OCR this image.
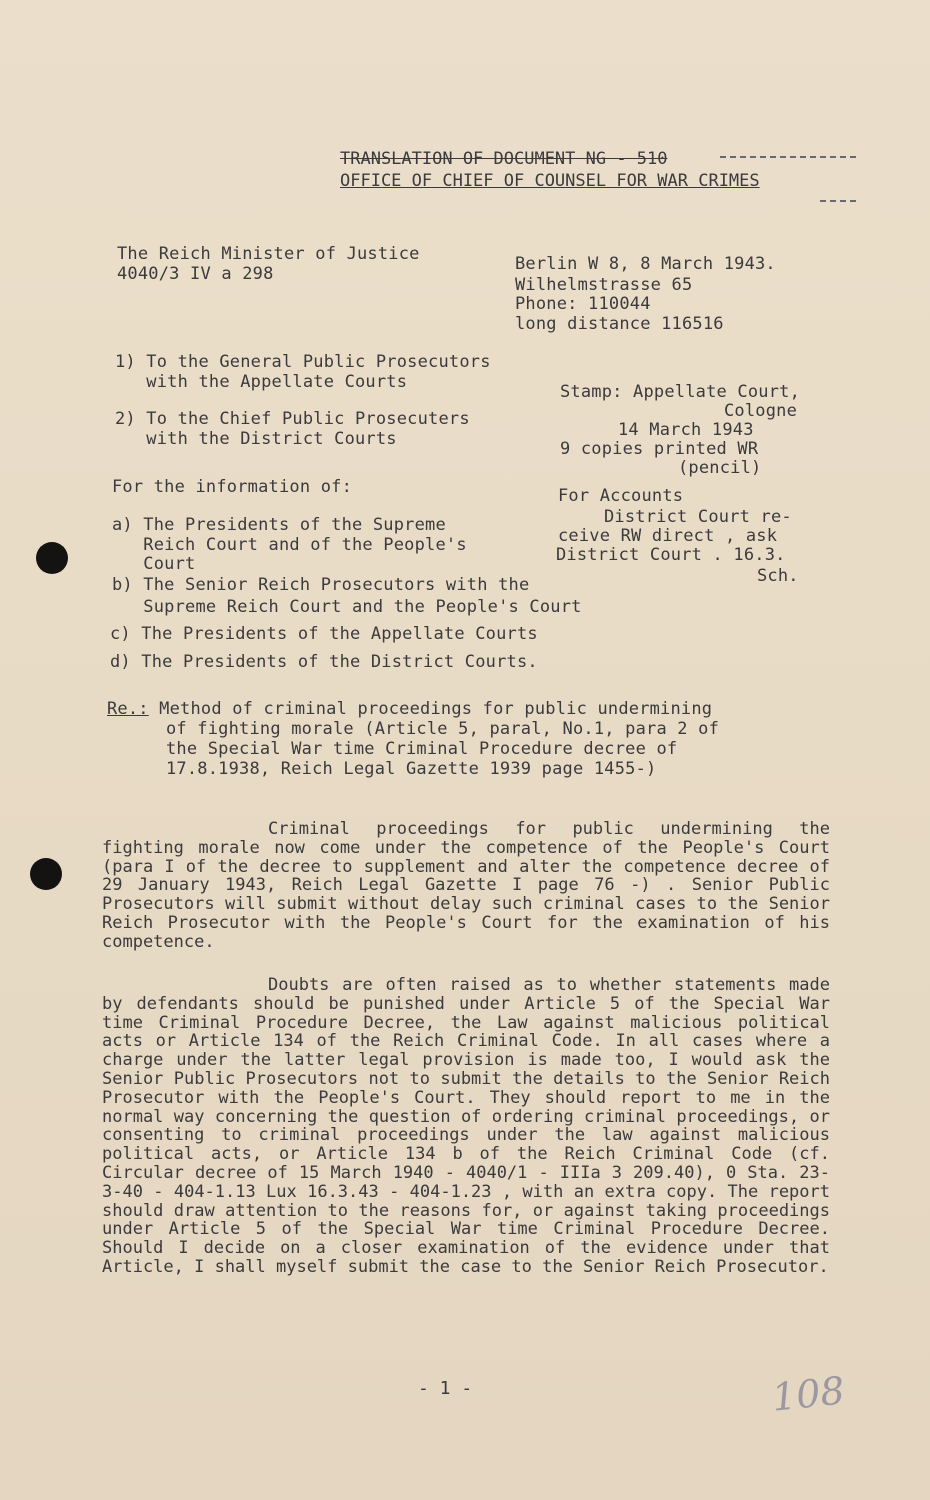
TRANSLATION OF DOCUMENT NG - 510
OFFICE OF CHIEF OF COUNSEL FOR WAR CRIMES
The Reich Minister of Justice
4040/3 IV a 298	Berlin W 8, 8 March 1943.
Wilhelmstrasse 65
Phone: 110044
long distance 116516
1) To the General Public Prosecutors
with the Appellate Courts
2) To the Chief Public Prosecuters
with the District Courts
Stamp: Appellate Court,
Cologne
14 March 1943
9 copies printed WR
(pencil)
For Accounts
District Court re-
ceive RW direct , ask
District Court . 16.3.
Sch.
For the information of:
a) The Presidents of the Supreme
Reich Court and of the People's
Court
b) The Senior Reich Prosecutors with the
Supreme Reich Court and the People's Court
c) The Presidents of the Appellate Courts
d) The Presidents of the District Courts.
Re.: Method of criminal proceedings for public undermining
of fighting morale (Article 5, paral, No.1, para 2 of
the Special War time Criminal Procedure decree of
17.8.1938, Reich Legal Gazette 1939 page 1455-)
Criminal proceedings for public undermining the fighting morale now come under the competence of the People's Court (para I of the decree to supplement and alter the competence decree of 29 January 1943, Reich Legal Gazette I page 76 -) . Senior Public Prosecutors will submit without delay such criminal cases to the Senior Reich Prosecutor with the People's Court for the examination of his competence.
Doubts are often raised as to whether statements made by defendants should be punished under Article 5 of the Special War time Criminal Procedure Decree, the Law against malicious political acts or Article 134 of the Reich Criminal Code. In all cases where a charge under the latter legal provision is made too, I would ask the Senior Public Prosecutors not to submit the details to the Senior Reich Prosecutor with the People's Court. They should report to me in the normal way concerning the question of ordering criminal proceedings, or consenting to criminal proceedings under the law against malicious political acts, or Article 134 b of the Reich Criminal Code (cf. Circular decree of 15 March 1940 - 4040/1 - IIIa 3 209.40), 0 Sta. 23-3-40 - 404-1.13 Lux 16.3.43 - 404-1.23 , with an extra copy. The report should draw attention to the reasons for, or against taking proceedings under Article 5 of the Special War time Criminal Procedure Decree. Should I decide on a closer examination of the evidence under that Article, I shall myself submit the case to the Senior Reich Prosecutor.
- 1 -	108
